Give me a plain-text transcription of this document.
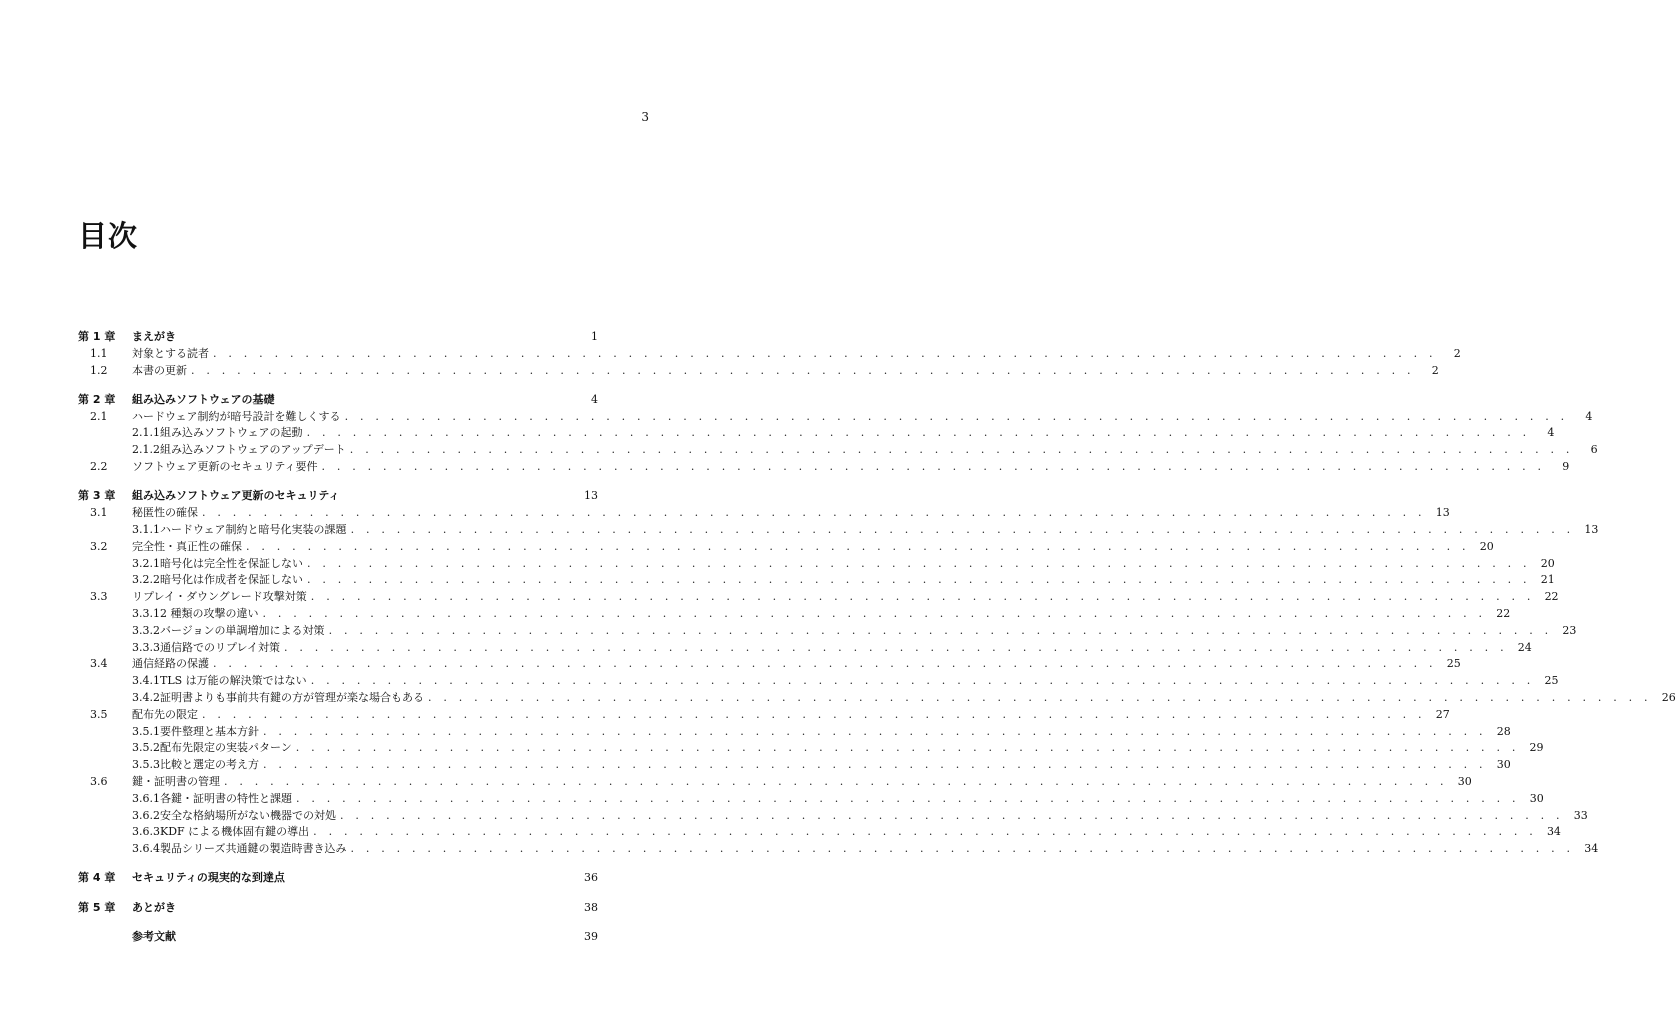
3
目次
第 1 章	まえがき	1
1.1	対象とする読者 . . . . . . . . . . . . . . . . . . . . . . . . . . . . . . . . . . . . . . . . . . . . . . . . . . . . . . . . . . . . . . . . . . . . . . . . . . . . . . . .	2
1.2	本書の更新 . . . . . . . . . . . . . . . . . . . . . . . . . . . . . . . . . . . . . . . . . . . . . . . . . . . . . . . . . . . . . . . . . . . . . . . . . . . . . . . .	2
第 2 章	組み込みソフトウェアの基礎	4
2.1	ハードウェア制約が暗号設計を難しくする . . . . . . . . . . . . . . . . . . . . . . . . . . . . . . . . . . . . . . . . . . . . . . . . . . . . . . . . . . . . . . . . . . . . . . . . . . . . . . . .	4
2.1.1 組み込みソフトウェアの起動 . . . . . . . . . . . . . . . . . . . . . . . . . . . . . . . . . . . . . . . . . . . . . . . . . . . . . . . . . . . . . . . . . . . . . . . . . . . . . . . .	4
2.1.2 組み込みソフトウェアのアップデート . . . . . . . . . . . . . . . . . . . . . . . . . . . . . . . . . . . . . . . . . . . . . . . . . . . . . . . . . . . . . . . . . . . . . . . . . . . . . . . .	6
2.2	ソフトウェア更新のセキュリティ要件 . . . . . . . . . . . . . . . . . . . . . . . . . . . . . . . . . . . . . . . . . . . . . . . . . . . . . . . . . . . . . . . . . . . . . . . . . . . . . . . .	9
第 3 章	組み込みソフトウェア更新のセキュリティ	13
3.1	秘匿性の確保 . . . . . . . . . . . . . . . . . . . . . . . . . . . . . . . . . . . . . . . . . . . . . . . . . . . . . . . . . . . . . . . . . . . . . . . . . . . . . . . . 13
3.1.1 ハードウェア制約と暗号化実装の課題 . . . . . . . . . . . . . . . . . . . . . . . . . . . . . . . . . . . . . . . . . . . . . . . . . . . . . . . . . . . . . . . . . . . . . . . . . . . . . . . . 13
3.2	完全性・真正性の確保 . . . . . . . . . . . . . . . . . . . . . . . . . . . . . . . . . . . . . . . . . . . . . . . . . . . . . . . . . . . . . . . . . . . . . . . . . . . . . . . . 20
3.2.1 暗号化は完全性を保証しない . . . . . . . . . . . . . . . . . . . . . . . . . . . . . . . . . . . . . . . . . . . . . . . . . . . . . . . . . . . . . . . . . . . . . . . . . . . . . . . . 20
3.2.2 暗号化は作成者を保証しない . . . . . . . . . . . . . . . . . . . . . . . . . . . . . . . . . . . . . . . . . . . . . . . . . . . . . . . . . . . . . . . . . . . . . . . . . . . . . . . . 21
3.3	リプレイ・ダウングレード攻撃対策 . . . . . . . . . . . . . . . . . . . . . . . . . . . . . . . . . . . . . . . . . . . . . . . . . . . . . . . . . . . . . . . . . . . . . . . . . . . . . . . . 22
3.3.1 2 種類の攻撃の違い . . . . . . . . . . . . . . . . . . . . . . . . . . . . . . . . . . . . . . . . . . . . . . . . . . . . . . . . . . . . . . . . . . . . . . . . . . . . . . . . 22
3.3.2 バージョンの単調増加による対策 . . . . . . . . . . . . . . . . . . . . . . . . . . . . . . . . . . . . . . . . . . . . . . . . . . . . . . . . . . . . . . . . . . . . . . . . . . . . . . . . 23
3.3.3 通信路でのリプレイ対策 . . . . . . . . . . . . . . . . . . . . . . . . . . . . . . . . . . . . . . . . . . . . . . . . . . . . . . . . . . . . . . . . . . . . . . . . . . . . . . . . 24
3.4	通信経路の保護 . . . . . . . . . . . . . . . . . . . . . . . . . . . . . . . . . . . . . . . . . . . . . . . . . . . . . . . . . . . . . . . . . . . . . . . . . . . . . . . . 25
3.4.1 TLS は万能の解決策ではない . . . . . . . . . . . . . . . . . . . . . . . . . . . . . . . . . . . . . . . . . . . . . . . . . . . . . . . . . . . . . . . . . . . . . . . . . . . . . . . . 25
3.4.2 証明書よりも事前共有鍵の方が管理が楽な場合もある . . . . . . . . . . . . . . . . . . . . . . . . . . . . . . . . . . . . . . . . . . . . . . . . . . . . . . . . . . . . . . . . . . . . . . . . . . . . . . . . 26
3.5	配布先の限定 . . . . . . . . . . . . . . . . . . . . . . . . . . . . . . . . . . . . . . . . . . . . . . . . . . . . . . . . . . . . . . . . . . . . . . . . . . . . . . . . 27
3.5.1 要件整理と基本方針 . . . . . . . . . . . . . . . . . . . . . . . . . . . . . . . . . . . . . . . . . . . . . . . . . . . . . . . . . . . . . . . . . . . . . . . . . . . . . . . . 28
3.5.2 配布先限定の実装パターン . . . . . . . . . . . . . . . . . . . . . . . . . . . . . . . . . . . . . . . . . . . . . . . . . . . . . . . . . . . . . . . . . . . . . . . . . . . . . . . . 29
3.5.3 比較と選定の考え方 . . . . . . . . . . . . . . . . . . . . . . . . . . . . . . . . . . . . . . . . . . . . . . . . . . . . . . . . . . . . . . . . . . . . . . . . . . . . . . . . 30
3.6	鍵・証明書の管理 . . . . . . . . . . . . . . . . . . . . . . . . . . . . . . . . . . . . . . . . . . . . . . . . . . . . . . . . . . . . . . . . . . . . . . . . . . . . . . . . 30
3.6.1 各鍵・証明書の特性と課題 . . . . . . . . . . . . . . . . . . . . . . . . . . . . . . . . . . . . . . . . . . . . . . . . . . . . . . . . . . . . . . . . . . . . . . . . . . . . . . . . 30
3.6.2 安全な格納場所がない機器での対処 . . . . . . . . . . . . . . . . . . . . . . . . . . . . . . . . . . . . . . . . . . . . . . . . . . . . . . . . . . . . . . . . . . . . . . . . . . . . . . . . 33
3.6.3 KDF による機体固有鍵の導出 . . . . . . . . . . . . . . . . . . . . . . . . . . . . . . . . . . . . . . . . . . . . . . . . . . . . . . . . . . . . . . . . . . . . . . . . . . . . . . . . 34
3.6.4 製品シリーズ共通鍵の製造時書き込み . . . . . . . . . . . . . . . . . . . . . . . . . . . . . . . . . . . . . . . . . . . . . . . . . . . . . . . . . . . . . . . . . . . . . . . . . . . . . . . . 34
第 4 章	セキュリティの現実的な到達点	36
第 5 章	あとがき	38
参考文献	39
